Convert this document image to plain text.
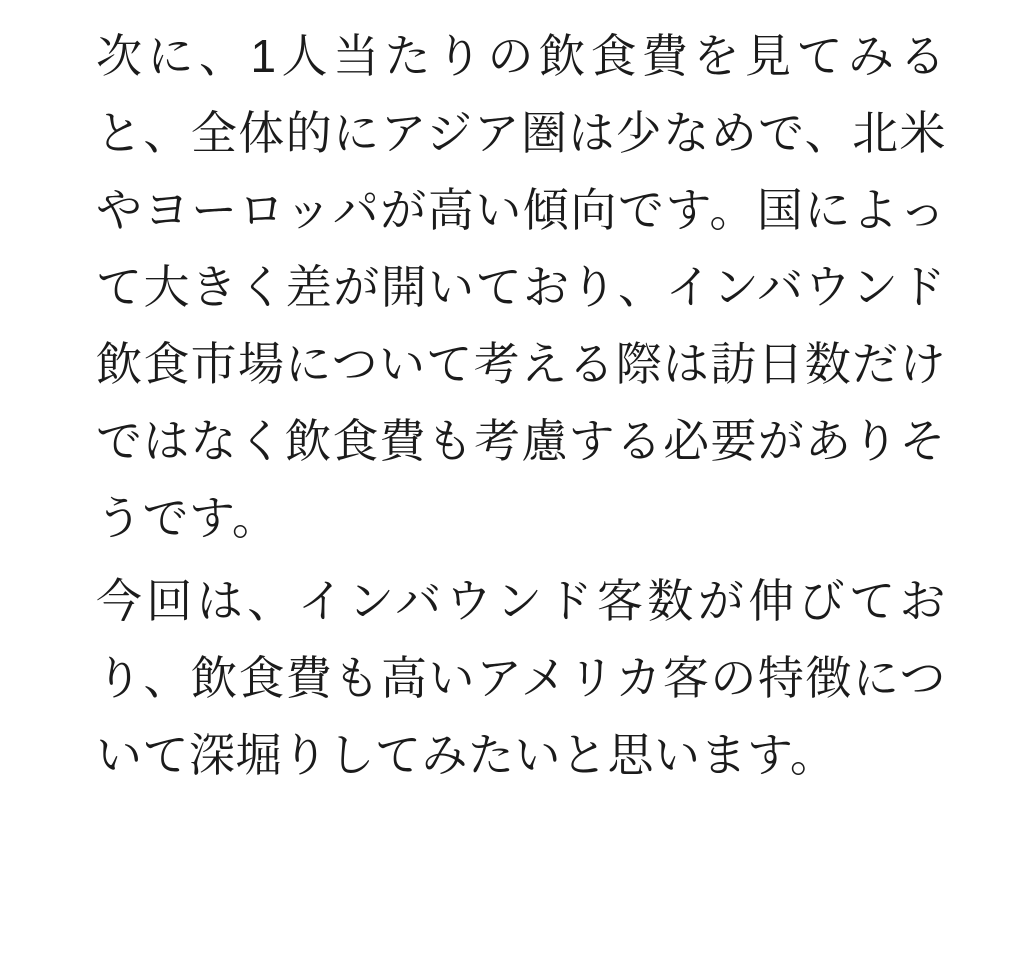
次に、1人当たりの飲食費を見てみると、全体的にアジア圏は少なめで、北米やヨーロッパが高い傾向です。国によって大きく差が開いており、インバウンド飲食市場について考える際は訪日数だけではなく飲食費も考慮する必要がありそうです。

今回は、インバウンド客数が伸びており、飲食費も高いアメリカ客の特徴について深堀りしてみたいと思います。
